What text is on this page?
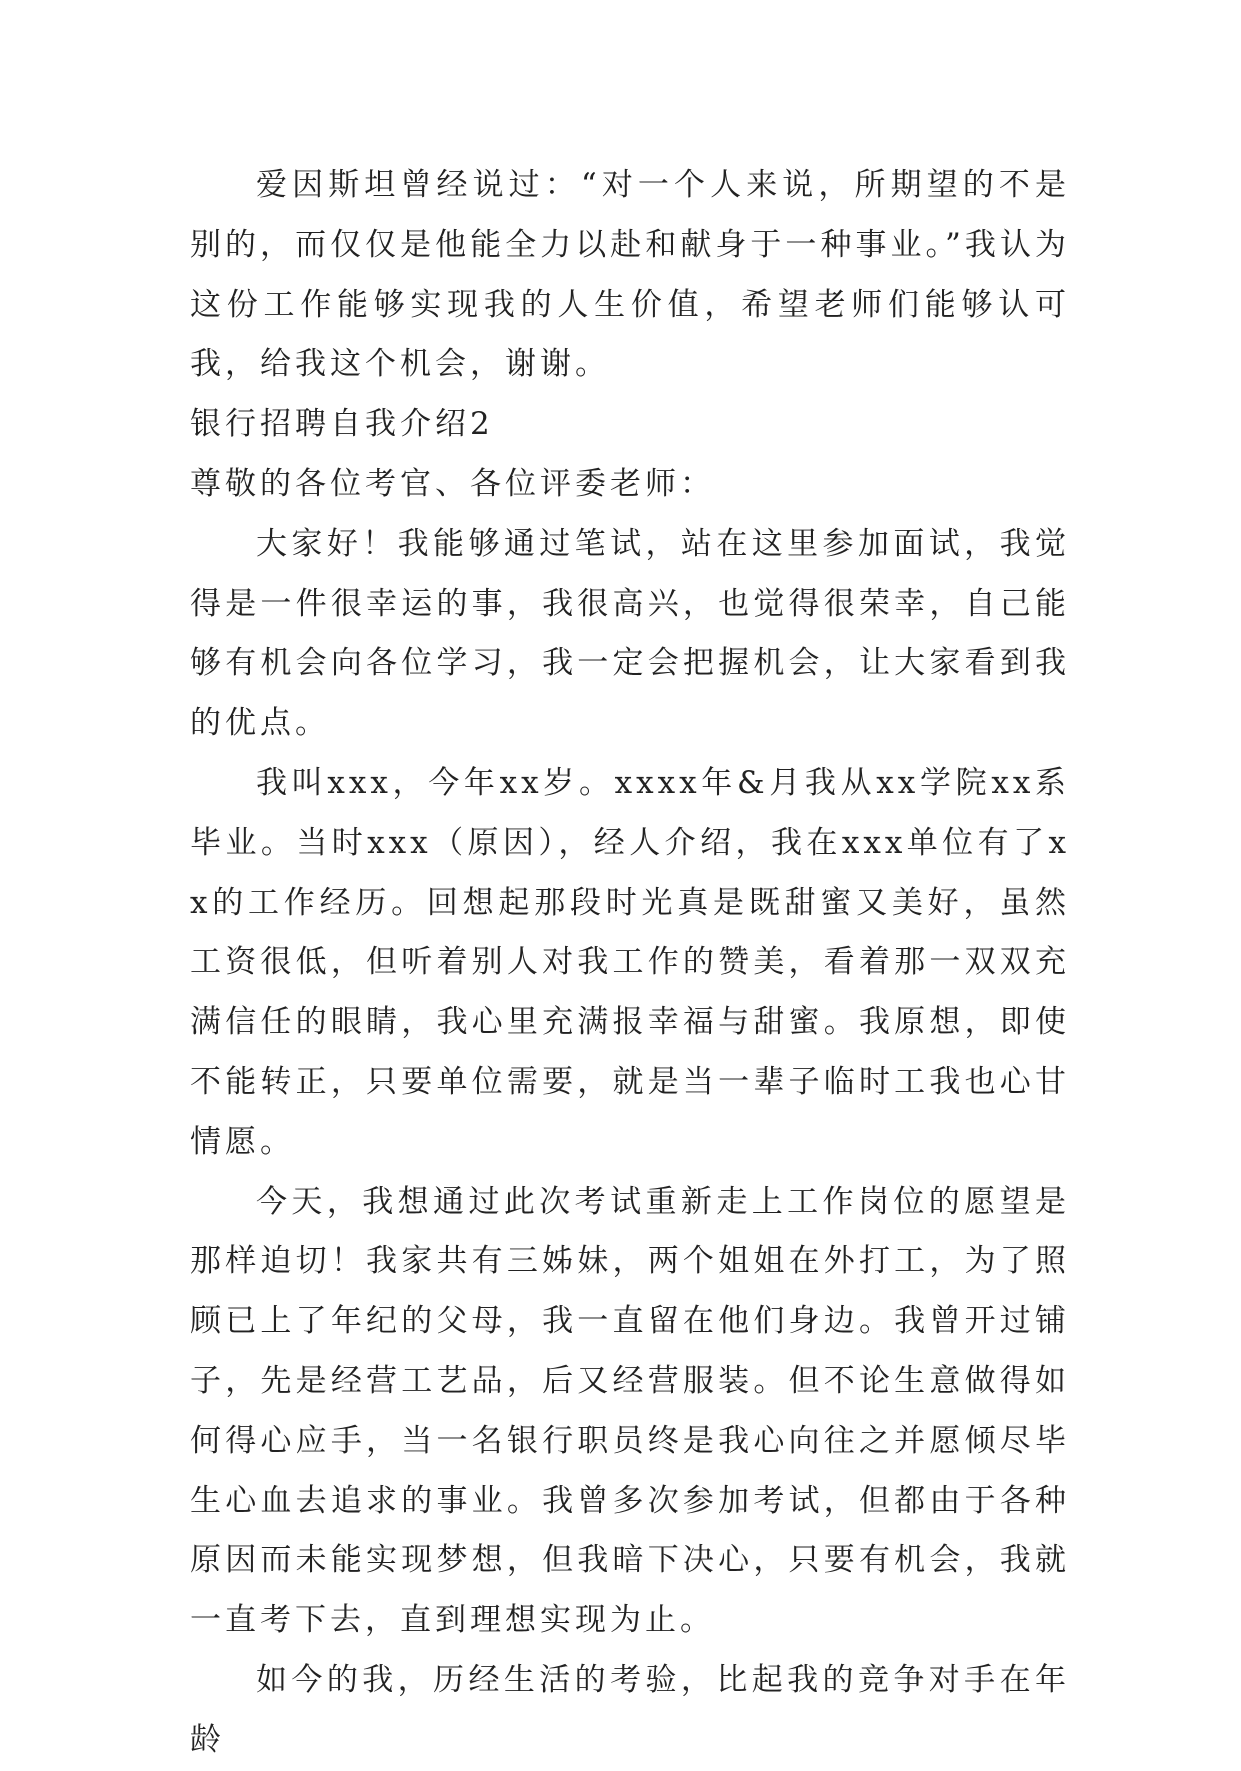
爱因斯坦曾经说过：“对一个人来说，所期望的不是别的，而仅仅是他能全力以赴和献身于一种事业。”我认为这份工作能够实现我的人生价值，希望老师们能够认可我，给我这个机会，谢谢。

银行招聘自我介绍2

尊敬的各位考官、各位评委老师：

大家好！我能够通过笔试，站在这里参加面试，我觉得是一件很幸运的事，我很高兴，也觉得很荣幸，自己能够有机会向各位学习，我一定会把握机会，让大家看到我的优点。

我叫xxx，今年xx岁。xxxx年&月我从xx学院xx系毕业。当时xxx（原因），经人介绍，我在xxx单位有了xx的工作经历。回想起那段时光真是既甜蜜又美好，虽然工资很低，但听着别人对我工作的赞美，看着那一双双充满信任的眼睛，我心里充满报幸福与甜蜜。我原想，即使不能转正，只要单位需要，就是当一辈子临时工我也心甘情愿。

今天，我想通过此次考试重新走上工作岗位的愿望是那样迫切！我家共有三姊妹，两个姐姐在外打工，为了照顾已上了年纪的父母，我一直留在他们身边。我曾开过铺子，先是经营工艺品，后又经营服装。但不论生意做得如何得心应手，当一名银行职员终是我心向往之并愿倾尽毕生心血去追求的事业。我曾多次参加考试，但都由于各种原因而未能实现梦想，但我暗下决心，只要有机会，我就一直考下去，直到理想实现为止。

如今的我，历经生活的考验，比起我的竞争对手在年龄
